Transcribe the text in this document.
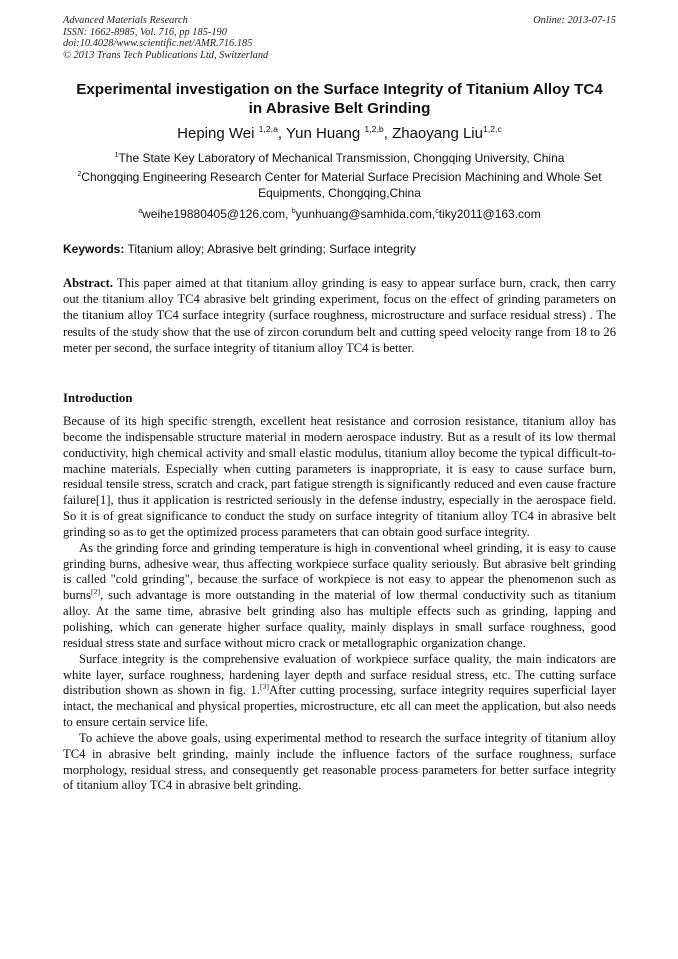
Advanced Materials Research
ISSN: 1662-8985, Vol. 716, pp 185-190
doi:10.4028/www.scientific.net/AMR.716.185
© 2013 Trans Tech Publications Ltd, Switzerland
Online: 2013-07-15
Experimental investigation on the Surface Integrity of Titanium Alloy TC4
in Abrasive Belt Grinding
Heping Wei $^{1,2,a}$, Yun Huang $^{1,2,b}$, Zhaoyang Liu$^{1,2,c}$
$^1$The State Key Laboratory of Mechanical Transmission, Chongqing University, China
$^2$Chongqing Engineering Research Center for Material Surface Precision Machining and Whole Set Equipments, Chongqing,China
$^a$weihe19880405@126.com, $^b$yunhuang@samhida.com,$^c$tiky2011@163.com
Keywords: Titanium alloy; Abrasive belt grinding; Surface integrity
Abstract. This paper aimed at that titanium alloy grinding is easy to appear surface burn, crack, then carry out the titanium alloy TC4 abrasive belt grinding experiment, focus on the effect of grinding parameters on the titanium alloy TC4 surface integrity (surface roughness, microstructure and surface residual stress) . The results of the study show that the use of zircon corundum belt and cutting speed velocity range from 18 to 26 meter per second, the surface integrity of titanium alloy TC4 is better.
Introduction

Because of its high specific strength, excellent heat resistance and corrosion resistance, titanium alloy has become the indispensable structure material in modern aerospace industry. But as a result of its low thermal conductivity, high chemical activity and small elastic modulus, titanium alloy become the typical difficult-to-machine materials. Especially when cutting parameters is inappropriate, it is easy to cause surface burn, residual tensile stress, scratch and crack, part fatigue strength is significantly reduced and even cause fracture failure[1], thus it application is restricted seriously in the defense industry, especially in the aerospace field. So it is of great significance to conduct the study on surface integrity of titanium alloy TC4 in abrasive belt grinding so as to get the optimized process parameters that can obtain good surface integrity.

As the grinding force and grinding temperature is high in conventional wheel grinding, it is easy to cause grinding burns, adhesive wear, thus affecting workpiece surface quality seriously. But abrasive belt grinding is called "cold grinding", because the surface of workpiece is not easy to appear the phenomenon such as burns[2], such advantage is more outstanding in the material of low thermal conductivity such as titanium alloy. At the same time, abrasive belt grinding also has multiple effects such as grinding, lapping and polishing, which can generate higher surface quality, mainly displays in small surface roughness, good residual stress state and surface without micro crack or metallographic organization change.

Surface integrity is the comprehensive evaluation of workpiece surface quality, the main indicators are white layer, surface roughness, hardening layer depth and surface residual stress, etc. The cutting surface distribution shown as shown in fig. 1.[3]After cutting processing, surface integrity requires superficial layer intact, the mechanical and physical properties, microstructure, etc all can meet the application, but also needs to ensure certain service life.

To achieve the above goals, using experimental method to research the surface integrity of titanium alloy TC4 in abrasive belt grinding, mainly include the influence factors of the surface roughness, surface morphology, residual stress, and consequently get reasonable process parameters for better surface integrity of titanium alloy TC4 in abrasive belt grinding.
